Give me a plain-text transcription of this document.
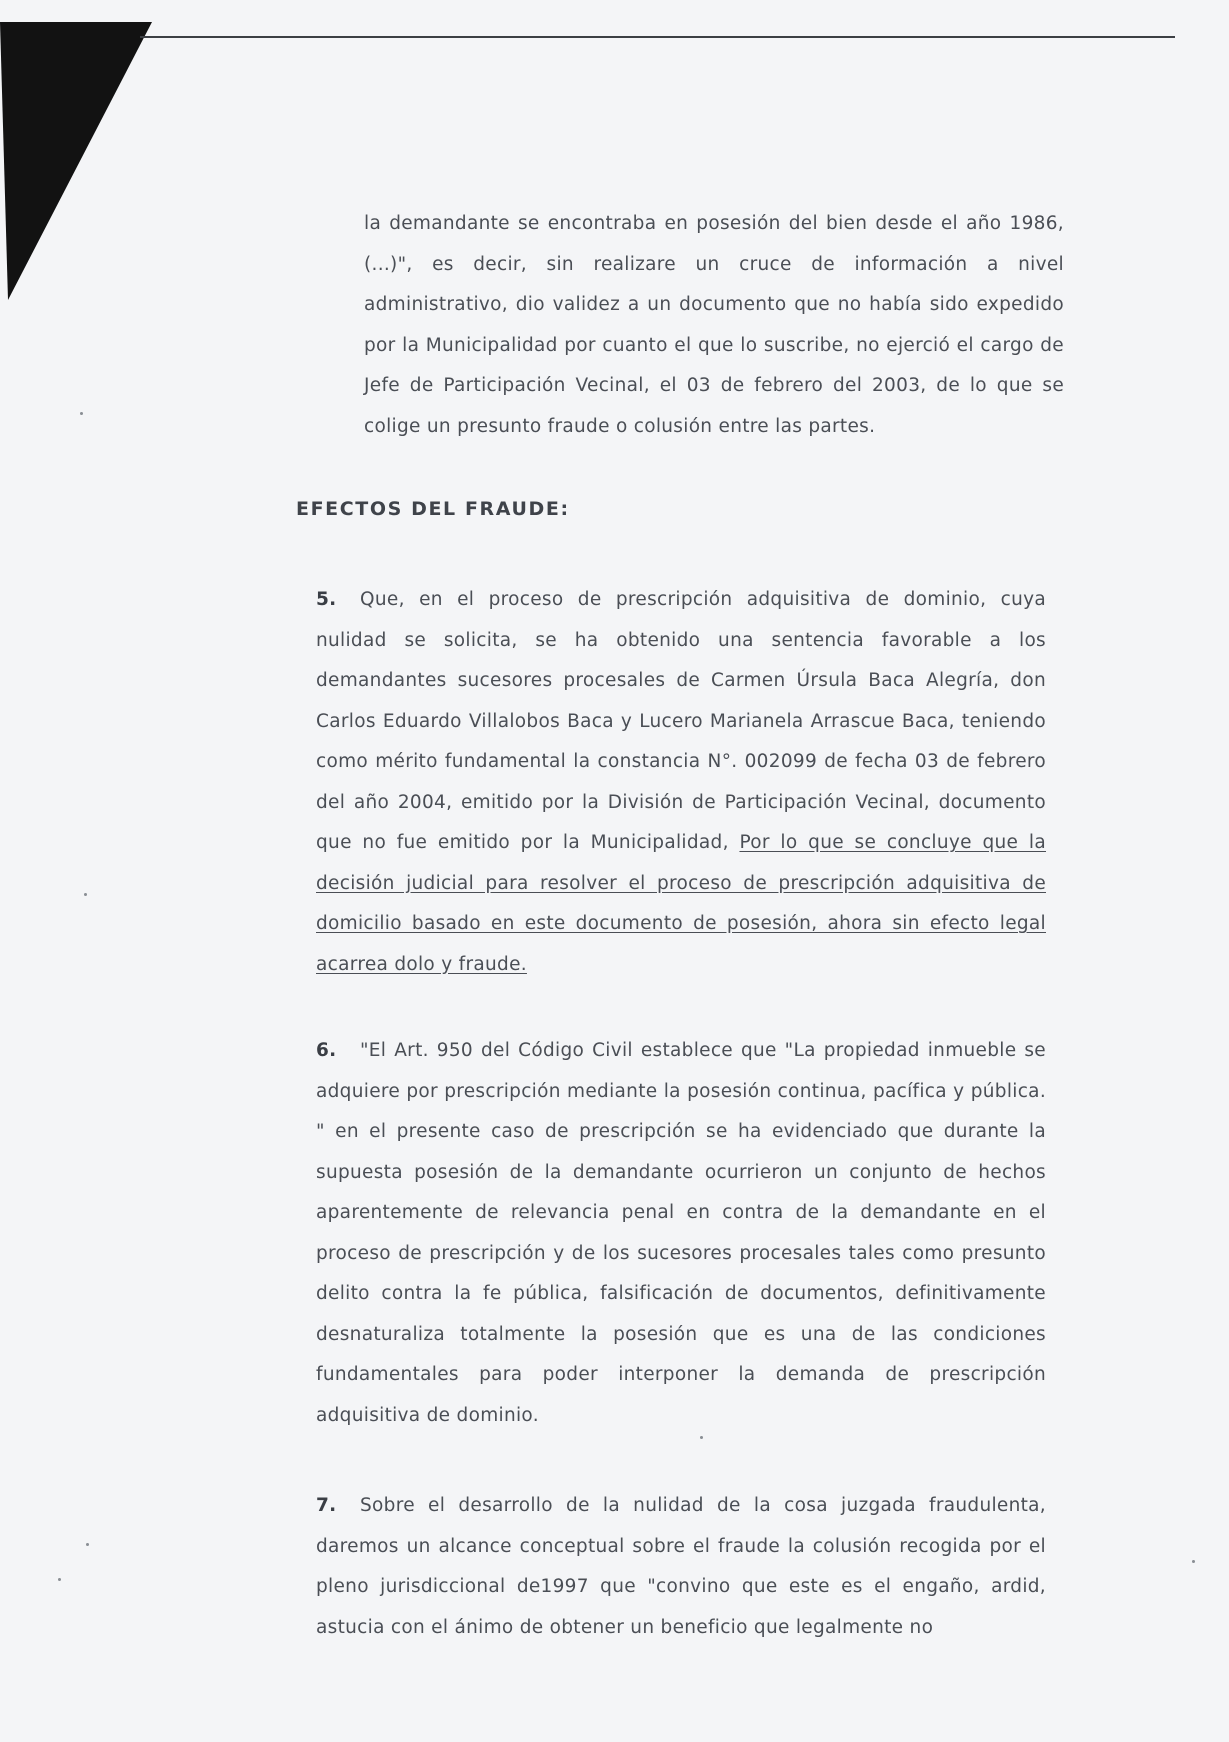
la demandante se encontraba en posesión del bien desde el año 1986, (...)", es decir, sin realizare un cruce de información a nivel administrativo, dio validez a un documento que no había sido expedido por la Municipalidad por cuanto el que lo suscribe, no ejerció el cargo de Jefe de Participación Vecinal, el 03 de febrero del 2003, de lo que se colige un presunto fraude o colusión entre las partes.

EFECTOS DEL FRAUDE:

5. Que, en el proceso de prescripción adquisitiva de dominio, cuya nulidad se solicita, se ha obtenido una sentencia favorable a los demandantes sucesores procesales de Carmen Úrsula Baca Alegría, don Carlos Eduardo Villalobos Baca y Lucero Marianela Arrascue Baca, teniendo como mérito fundamental la constancia N°. 002099 de fecha 03 de febrero del año 2004, emitido por la División de Participación Vecinal, documento que no fue emitido por la Municipalidad, Por lo que se concluye que la decisión judicial para resolver el proceso de prescripción adquisitiva de domicilio basado en este documento de posesión, ahora sin efecto legal acarrea dolo y fraude.

6. "El Art. 950 del Código Civil establece que "La propiedad inmueble se adquiere por prescripción mediante la posesión continua, pacífica y pública. " en el presente caso de prescripción se ha evidenciado que durante la supuesta posesión de la demandante ocurrieron un conjunto de hechos aparentemente de relevancia penal en contra de la demandante en el proceso de prescripción y de los sucesores procesales tales como presunto delito contra la fe pública, falsificación de documentos, definitivamente desnaturaliza totalmente la posesión que es una de las condiciones fundamentales para poder interponer la demanda de prescripción adquisitiva de dominio.

7. Sobre el desarrollo de la nulidad de la cosa juzgada fraudulenta, daremos un alcance conceptual sobre el fraude la colusión recogida por el pleno jurisdiccional de1997 que "convino que este es el engaño, ardid, astucia con el ánimo de obtener un beneficio que legalmente no
